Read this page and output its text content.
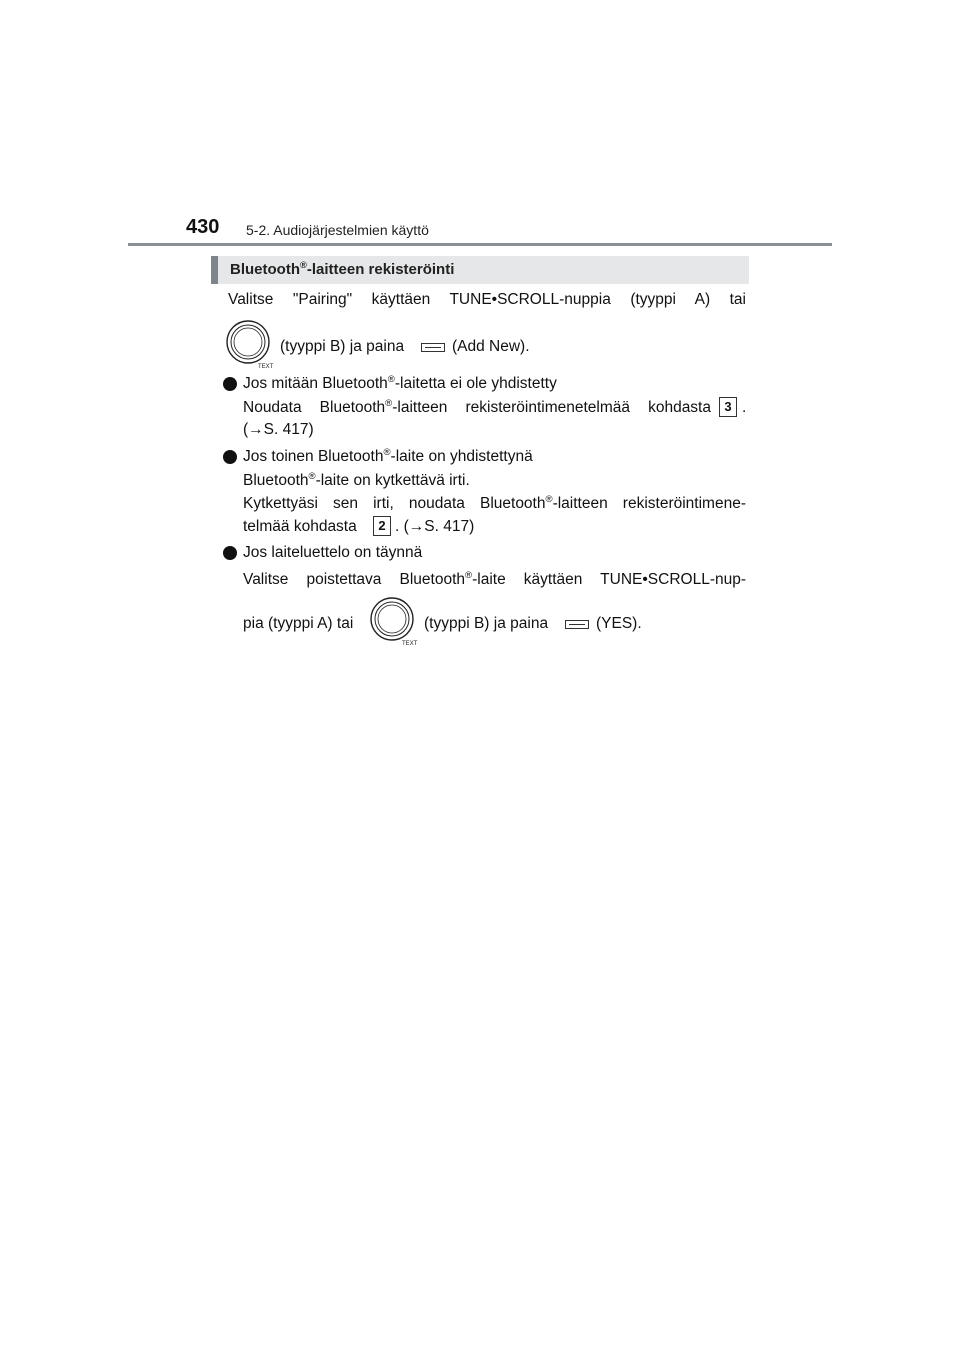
430 5-2. Audiojärjestelmien käyttö
Bluetooth®-laitteen rekisteröinti
Valitse "Pairing" käyttäen TUNE•SCROLL-nuppia (tyyppi A) tai
TEXT
(tyyppi B) ja paina	(Add New).
Jos mitään Bluetooth®-laitetta ei ole yhdistetty
Noudata Bluetooth®-laitteen rekisteröintimenetelmää kohdasta	3 .
(→S. 417)
Jos toinen Bluetooth®-laite on yhdistettynä
Bluetooth®-laite on kytkettävä irti.
Kytkettyäsi sen irti, noudata Bluetooth®-laitteen rekisteröintimene-
telmää kohdasta	2 . (→S. 417)
Jos laiteluettelo on täynnä
Valitse poistettava Bluetooth®-laite käyttäen TUNE•SCROLL-nup-
pia (tyyppi A) tai
TEXT
(tyyppi B) ja paina	(YES).
